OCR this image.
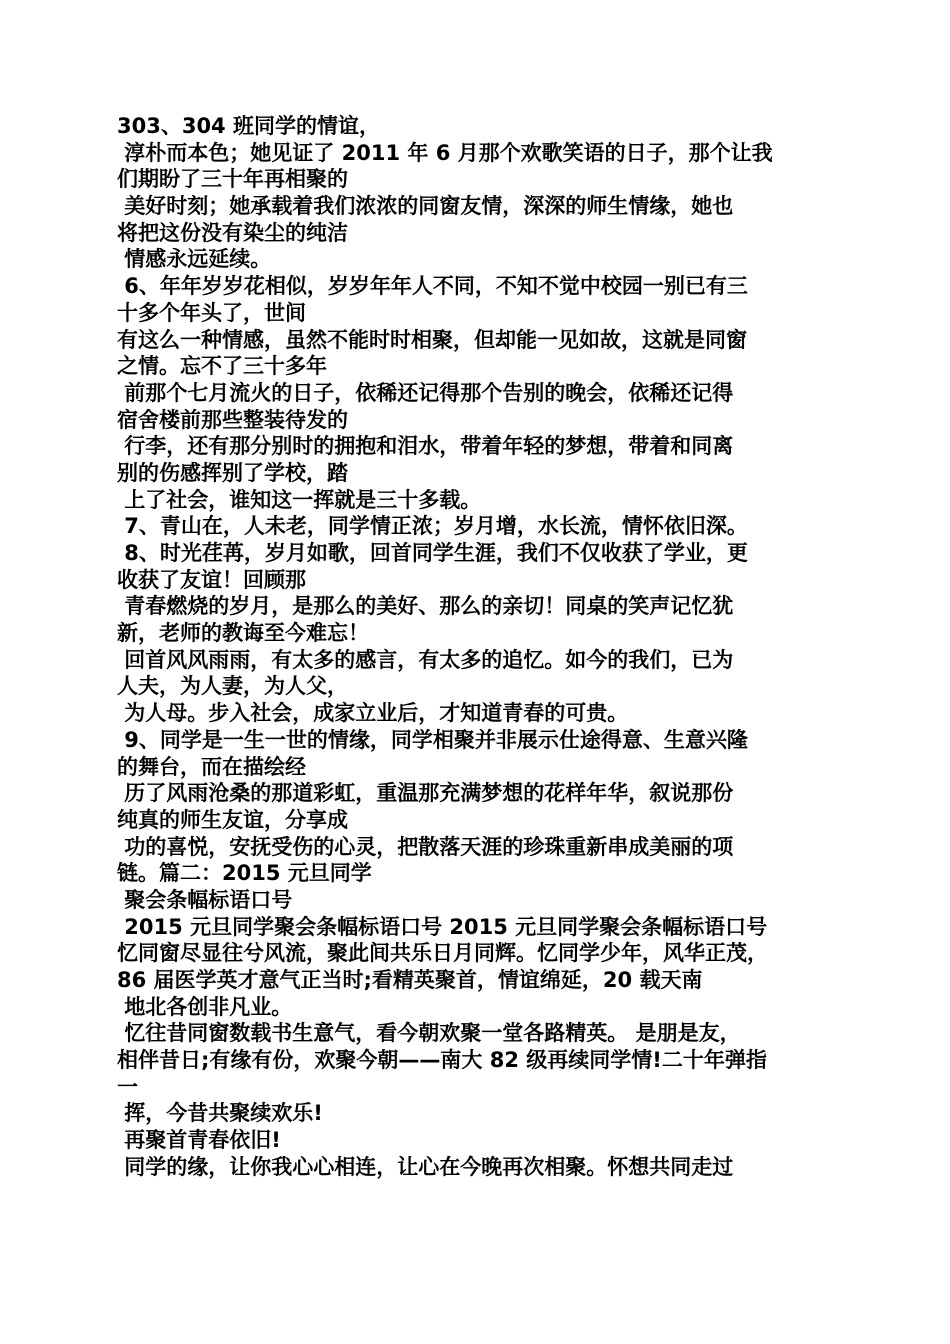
303、304 班同学的情谊，
淳朴而本色；她见证了 2011 年 6 月那个欢歌笑语的日子，那个让我
们期盼了三十年再相聚的
美好时刻；她承载着我们浓浓的同窗友情，深深的师生情缘，她也
将把这份没有染尘的纯洁
情感永远延续。
6、年年岁岁花相似，岁岁年年人不同，不知不觉中校园一别已有三
十多个年头了，世间
有这么一种情感，虽然不能时时相聚，但却能一见如故，这就是同窗
之情。忘不了三十多年
前那个七月流火的日子，依稀还记得那个告别的晚会，依稀还记得
宿舍楼前那些整装待发的
行李，还有那分别时的拥抱和泪水，带着年轻的梦想，带着和同离
别的伤感挥别了学校，踏
上了社会，谁知这一挥就是三十多载。
7、青山在，人未老，同学情正浓；岁月增，水长流，情怀依旧深。
8、时光荏苒，岁月如歌，回首同学生涯，我们不仅收获了学业，更
收获了友谊！回顾那
青春燃烧的岁月，是那么的美好、那么的亲切！同桌的笑声记忆犹
新，老师的教诲至今难忘！
回首风风雨雨，有太多的感言，有太多的追忆。如今的我们，已为
人夫，为人妻，为人父，
为人母。步入社会，成家立业后，才知道青春的可贵。
9、同学是一生一世的情缘，同学相聚并非展示仕途得意、生意兴隆
的舞台，而在描绘经
历了风雨沧桑的那道彩虹，重温那充满梦想的花样年华，叙说那份
纯真的师生友谊，分享成
功的喜悦，安抚受伤的心灵，把散落天涯的珍珠重新串成美丽的项
链。篇二：2015 元旦同学
聚会条幅标语口号
2015 元旦同学聚会条幅标语口号 2015 元旦同学聚会条幅标语口号
忆同窗尽显往兮风流，聚此间共乐日月同辉。忆同学少年，风华正茂，
86 届医学英才意气正当时;看精英聚首，情谊绵延，20 载天南
地北各创非凡业。
忆往昔同窗数载书生意气，看今朝欢聚一堂各路精英。 是朋是友，
相伴昔日;有缘有份，欢聚今朝——南大 82 级再续同学情!二十年弹指
一
挥，今昔共聚续欢乐!
再聚首青春依旧!
同学的缘，让你我心心相连，让心在今晚再次相聚。怀想共同走过
